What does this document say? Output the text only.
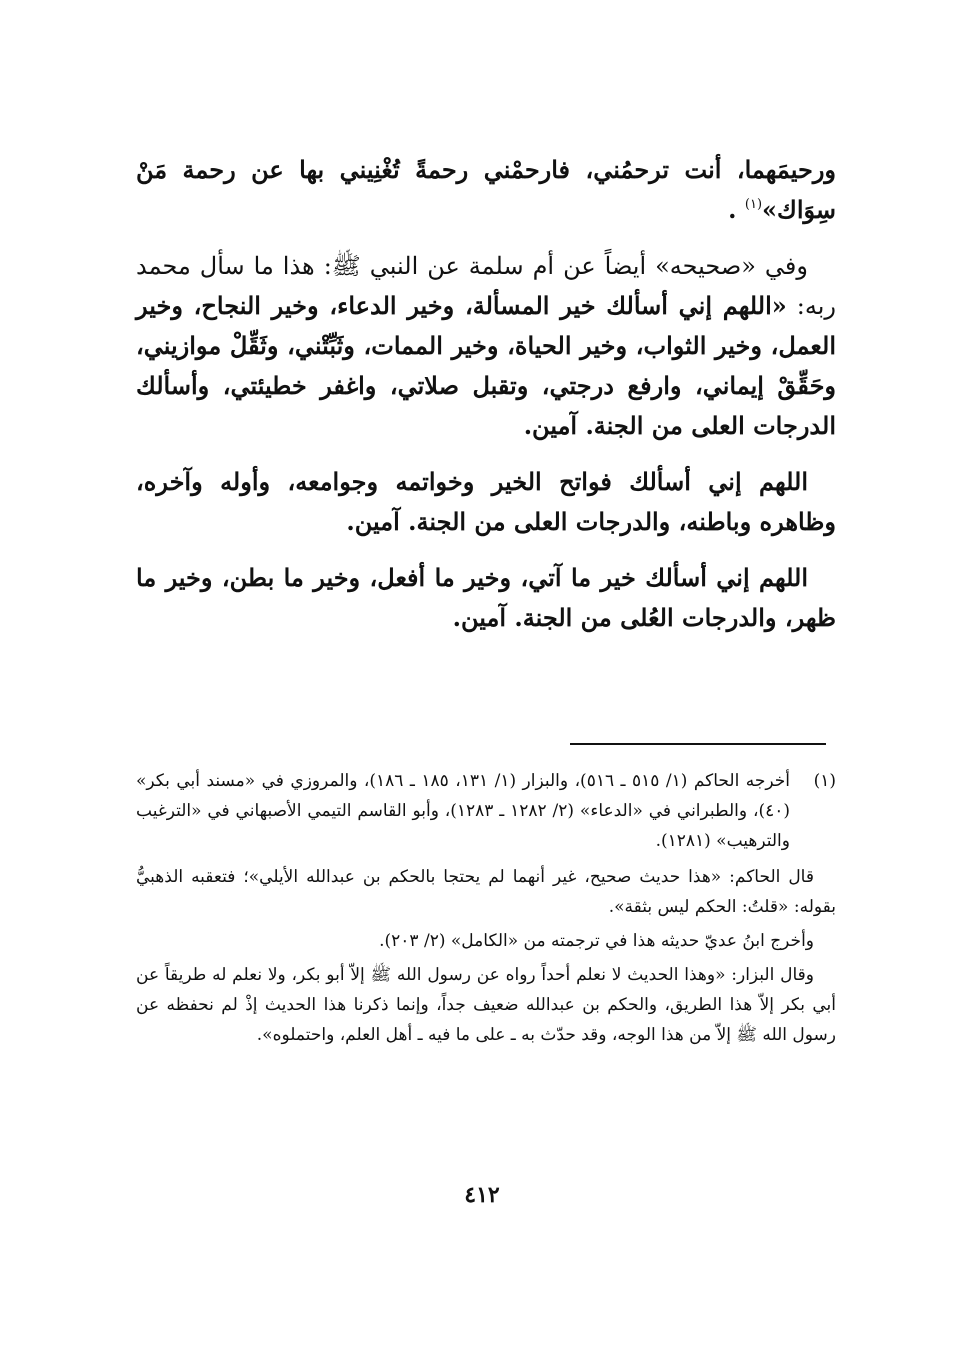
ورحيمَهما، أنت ترحمُني، فارحمْني رحمةً تُغْنِيني بها عن رحمة مَنْ سِوَاك»$^{(١)}$ .

وفي «صحيحه» أيضاً عن أم سلمة عن النبي ﷺ: هذا ما سأل محمد ربه: «اللهم إني أسألك خير المسألة، وخير الدعاء، وخير النجاح، وخير العمل، وخير الثواب، وخير الحياة، وخير الممات، وثَبِّتْني، وثَقِّلْ موازيني، وحَقِّقْ إيماني، وارفع درجتي، وتقبل صلاتي، واغفر خطيئتي، وأسألك الدرجات العلى من الجنة. آمين.

اللهم إني أسألك فواتح الخير وخواتمه وجوامعه، وأوله وآخره، وظاهره وباطنه، والدرجات العلى من الجنة. آمين.

اللهم إني أسألك خير ما آتي، وخير ما أفعل، وخير ما بطن، وخير ما ظهر، والدرجات العُلى من الجنة. آمين.

(١)
أخرجه الحاكم (١/ ٥١٥ ـ ٥١٦)، والبزار (١/ ١٣١، ١٨٥ ـ ١٨٦)، والمروزي في «مسند أبي بكر» (٤٠)، والطبراني في «الدعاء» (٢/ ١٢٨٢ ـ ١٢٨٣)، وأبو القاسم التيمي الأصبهاني في «الترغيب والترهيب» (١٢٨١).

قال الحاكم: «هذا حديث صحيح، غير أنهما لم يحتجا بالحكم بن عبدالله الأيلي»؛ فتعقبه الذهبيُّ بقوله: «قلتُ: الحكم ليس بثقة».

وأخرج ابنُ عديّ حديثه هذا في ترجمته من «الكامل» (٢/ ٢٠٣).

وقال البزار: «وهذا الحديث لا نعلم أحداً رواه عن رسول الله ﷺ إلاّ أبو بكر، ولا نعلم له طريقاً عن أبي بكر إلاّ هذا الطريق، والحكم بن عبدالله ضعيف جداً، وإنما ذكرنا هذا الحديث إذْ لم نحفظه عن رسول الله ﷺ إلاّ من هذا الوجه، وقد حدّث به ـ على ما فيه ـ أهل العلم، واحتملوه».

٤١٢
